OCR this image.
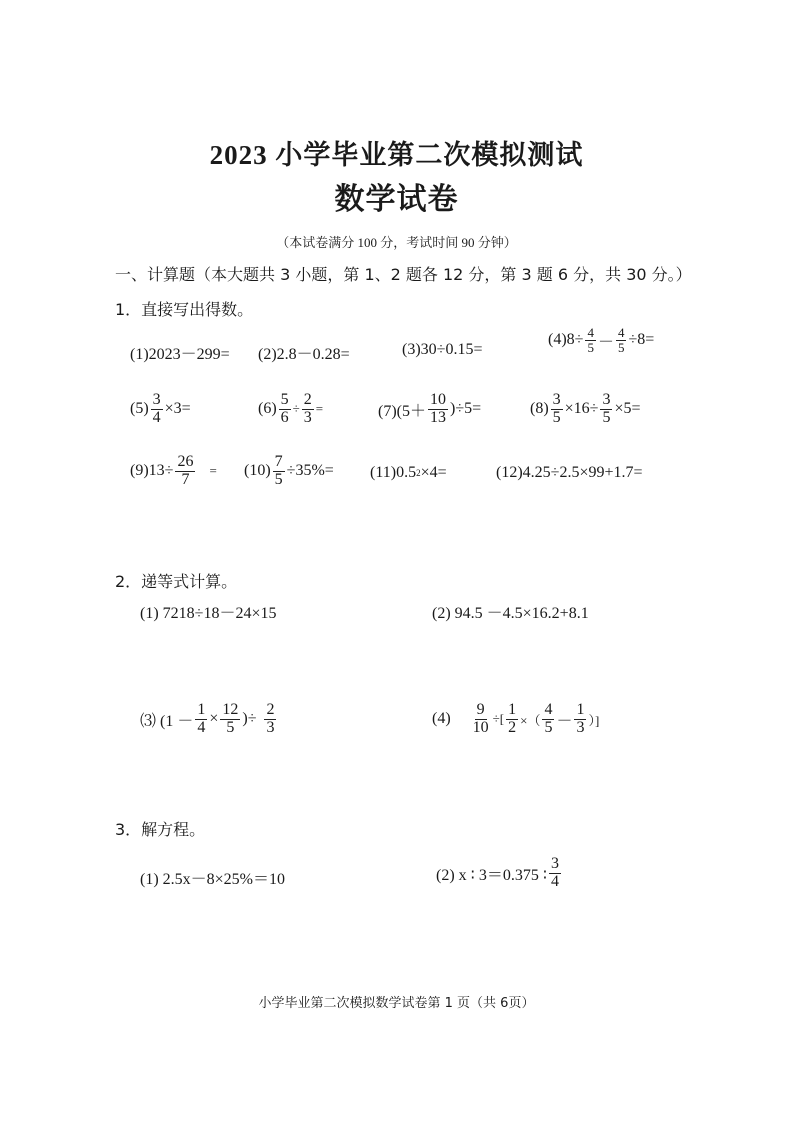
2023 小学毕业第二次模拟测试
数学试卷
（本试卷满分 100 分，考试时间 90 分钟）
一、计算题（本大题共 3 小题，第 1、2 题各 12 分，第 3 题 6 分，共 30 分。）
1．直接写出得数。
(1)2023－299= (2)2.8－0.28=	(3)30÷0.15=
$(4)8\div \frac{4}{5} - \frac{4}{5} \div 8=$
$(5) \frac{3}{4} \times 3=$	$(6) \frac{5}{6} \div \frac{2}{3}$ =	$(7)(5+ \frac{10}{13} )\div 5=$	$(8) \frac{3}{5} \times 16\div \frac{3}{5} \times 5=$
$(9)13\div \frac{26}{7} = (10) \frac{7}{5} \div 35\%= (11)0.5$ 2 ×4=	(12)4.25÷2.5×99+1.7=
2．递等式计算。
(1) 7218÷18－24×15	(2) 94.5 －4.5×16.2+8.1
⑶ ($1 - \frac{1}{4} \times \frac{12}{5}$ )÷ $\frac{2}{3}$	$(4) \frac{9}{10}$ ÷[ $\frac{1}{2}$ ×（ $\frac{4}{5} - \frac{1}{3}$ ）]
3．解方程。
(1) 2.5x－8×25%＝10	(2) x ∶ 3＝0.375 ∶ $\frac{3}{4}$
小学毕业第二次模拟数学试卷第 1 页（共 6页）
